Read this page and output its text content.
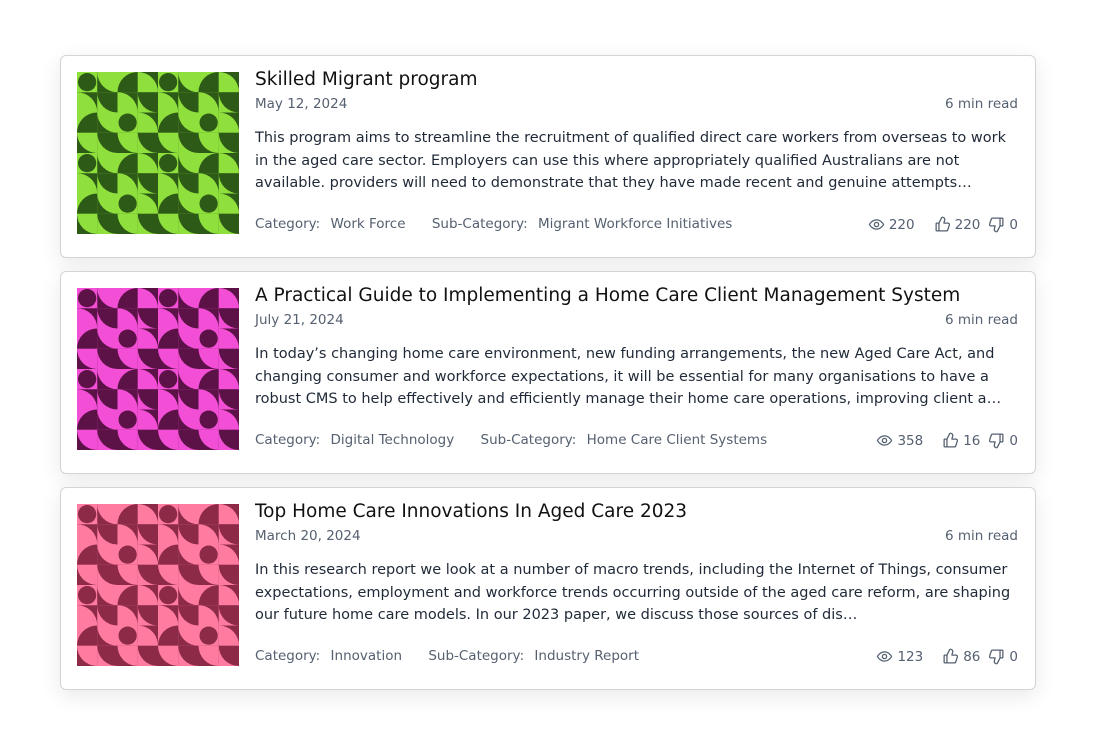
Skilled Migrant program
May 12, 2024	6 min read
This program aims to streamline the recruitment of qualified direct care workers from overseas to work in the aged care sector. Employers can use this where appropriately qualified Australians are not available. providers will need to demonstrate that they have made recent and genuine attempts…
Category: Work Force Sub-Category: Migrant Workforce Initiatives	220	220 0
A Practical Guide to Implementing a Home Care Client Management System
July 21, 2024	6 min read
In today’s changing home care environment, new funding arrangements, the new Aged Care Act, and changing consumer and workforce expectations, it will be essential for many organisations to have a robust CMS to help effectively and efficiently manage their home care operations, improving client a…
Category: Digital Technology Sub-Category: Home Care Client Systems	358	16 0
Top Home Care Innovations In Aged Care 2023
March 20, 2024	6 min read
In this research report we look at a number of macro trends, including the Internet of Things, consumer expectations, employment and workforce trends occurring outside of the aged care reform, are shaping our future home care models. In our 2023 paper, we discuss those sources of dis…
Category: Innovation Sub-Category: Industry Report	123	86 0
